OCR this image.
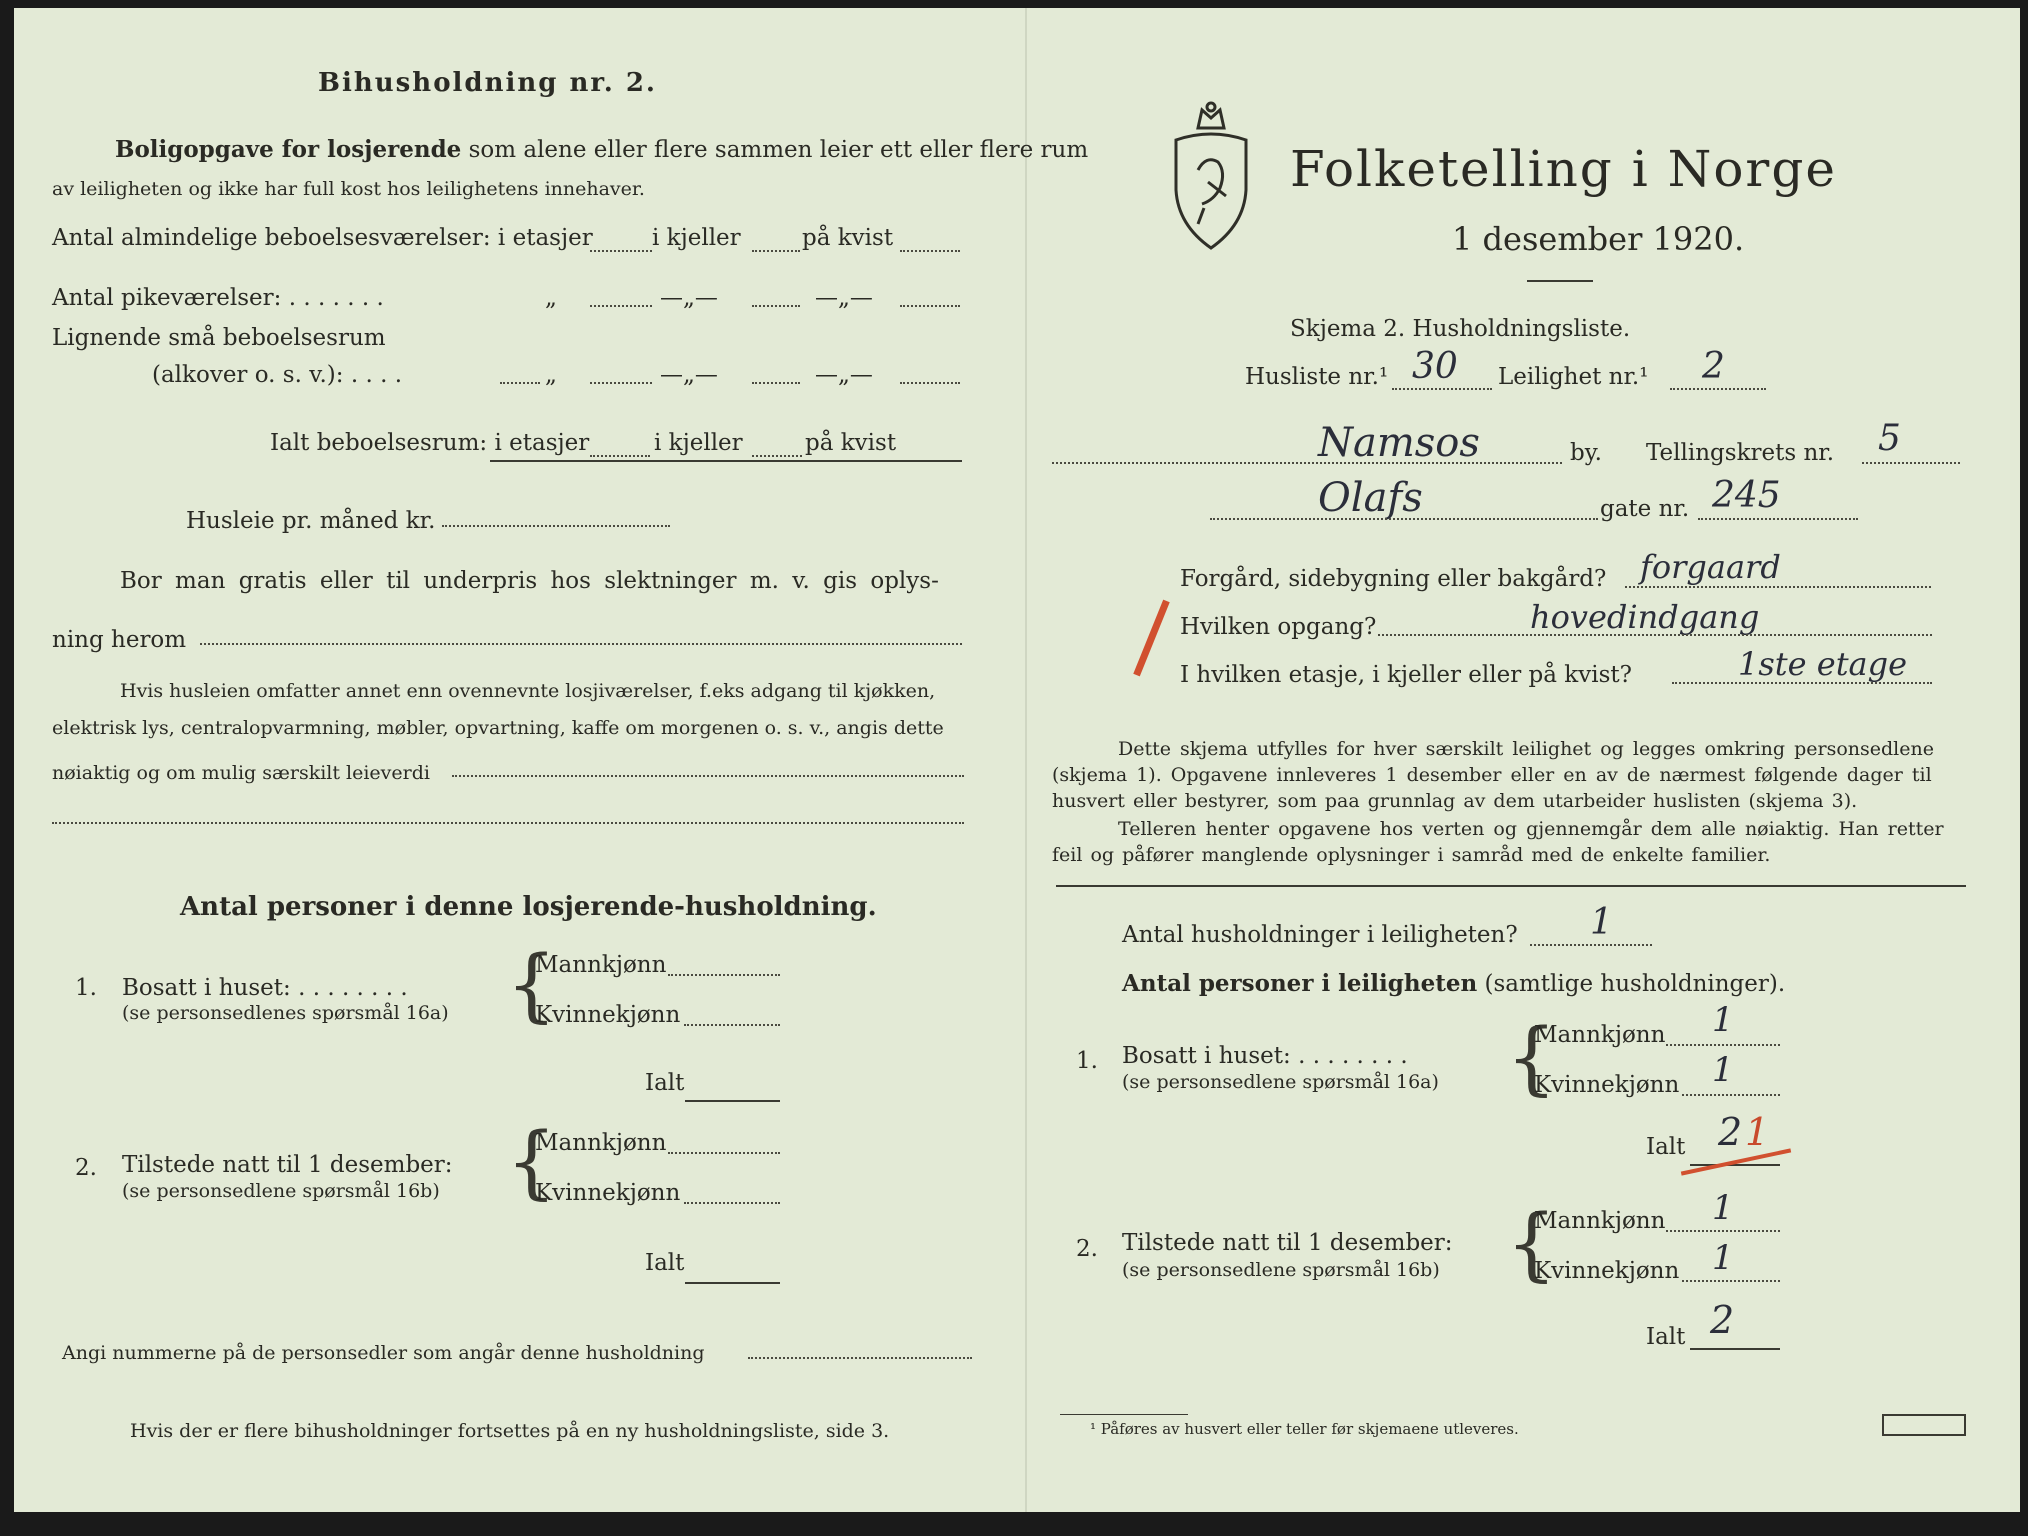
Bihusholdning nr. 2.
Boligopgave for losjerende som alene eller flere sammen leier ett eller flere rum
av leiligheten og ikke har full kost hos leilighetens innehaver.
Antal almindelige beboelsesværelser: i etasjer	i kjeller	på kvist
Antal pikeværelser: . . . . . . .	„	—„—	—„—
Lignende små beboelsesrum
(alkover o. s. v.): . . . .	„	—„—	—„—
Ialt beboelsesrum: i etasjer	i kjeller	på kvist
Husleie pr. måned kr.
Bor man gratis eller til underpris hos slektninger m. v. gis oplys-
ning herom
Hvis husleien omfatter annet enn ovennevnte losjiværelser, f.eks adgang til kjøkken,
elektrisk lys, centralopvarmning, møbler, opvartning, kaffe om morgenen o. s. v., angis dette
nøiaktig og om mulig særskilt leieverdi
Antal personer i denne losjerende-husholdning.
1. Bosatt i huset: . . . . . . . .
(se personsedlenes spørsmål 16a) {
Mannkjønn
Kvinnekjønn
Ialt
2. Tilstede natt til 1 desember:
(se personsedlene spørsmål 16b) {
Mannkjønn
Kvinnekjønn
Ialt
Angi nummerne på de personsedler som angår denne husholdning
Hvis der er flere bihusholdninger fortsettes på en ny husholdningsliste, side 3.
Folketelling i Norge
1 desember 1920.
Skjema 2. Husholdningsliste.
Husliste nr.¹ 30 Leilighet nr.¹ 2
Namsos	by. Tellingskrets nr. 5
Olafs	gate nr. 245
Forgård, sidebygning eller bakgård? forgaard
Hvilken opgang?	hovedindgang
I hvilken etasje, i kjeller eller på kvist?	1ste etage
Dette skjema utfylles for hver særskilt leilighet og legges omkring personsedlene
(skjema 1). Opgavene innleveres 1 desember eller en av de nærmest følgende dager til
husvert eller bestyrer, som paa grunnlag av dem utarbeider huslisten (skjema 3).
Telleren henter opgavene hos verten og gjennemgår dem alle nøiaktig. Han retter
feil og påfører manglende oplysninger i samråd med de enkelte familier.
Antal husholdninger i leiligheten? 1
Antal personer i leiligheten (samtlige husholdninger).
1. Bosatt i huset: . . . . . . . .
(se personsedlene spørsmål 16a) {
Mannkjønn 1
Kvinnekjønn 1
Ialt 2 1
2. Tilstede natt til 1 desember:
(se personsedlene spørsmål 16b) {
Mannkjønn 1
Kvinnekjønn 1
Ialt 2
¹ Påføres av husvert eller teller før skjemaene utleveres.
